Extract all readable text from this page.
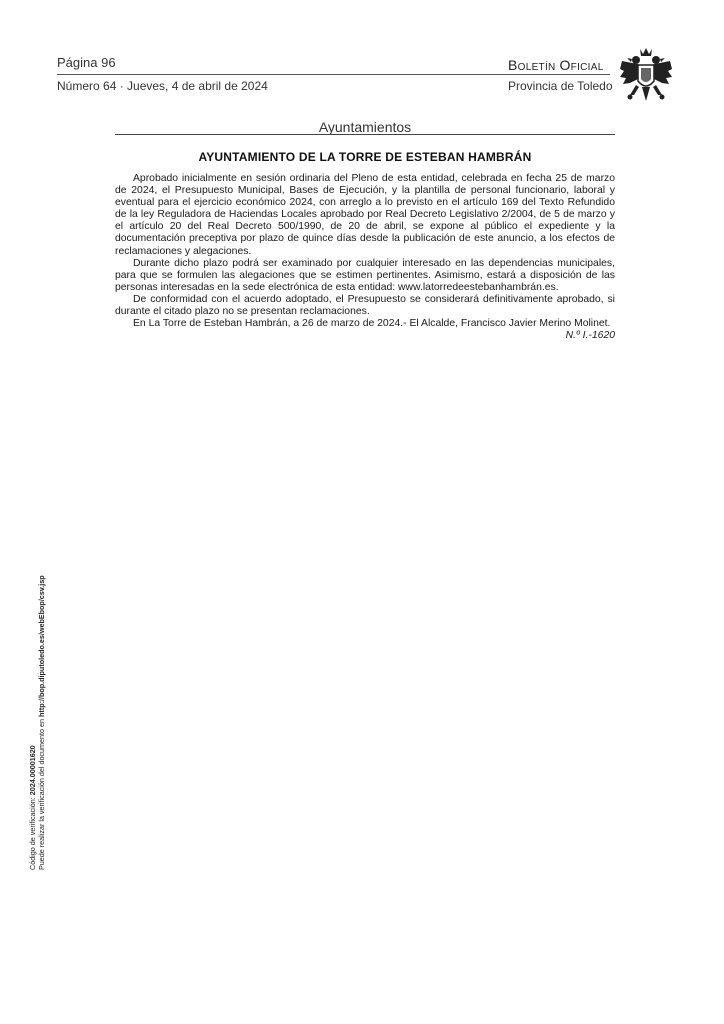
Página 96
Número 64 · Jueves, 4 de abril de 2024
Boletín Oficial
Provincia de Toledo
Ayuntamientos
AYUNTAMIENTO DE LA TORRE DE ESTEBAN HAMBRÁN

Aprobado inicialmente en sesión ordinaria del Pleno de esta entidad, celebrada en fecha 25 de marzo de 2024, el Presupuesto Municipal, Bases de Ejecución, y la plantilla de personal funcionario, laboral y eventual para el ejercicio económico 2024, con arreglo a lo previsto en el artículo 169 del Texto Refundido de la ley Reguladora de Haciendas Locales aprobado por Real Decreto Legislativo 2/2004, de 5 de marzo y el artículo 20 del Real Decreto 500/1990, de 20 de abril, se expone al público el expediente y la documentación preceptiva por plazo de quince días desde la publicación de este anuncio, a los efectos de reclamaciones y alegaciones.

Durante dicho plazo podrá ser examinado por cualquier interesado en las dependencias municipales, para que se formulen las alegaciones que se estimen pertinentes. Asimismo, estará a disposición de las personas interesadas en la sede electrónica de esta entidad: www.latorredeestebanhambrán.es.

De conformidad con el acuerdo adoptado, el Presupuesto se considerará definitivamente aprobado, si durante el citado plazo no se presentan reclamaciones.

En La Torre de Esteban Hambrán, a 26 de marzo de 2024.- El Alcalde, Francisco Javier Merino Molinet.

N.º I.-1620
Código de verificación: 2024.00001620 Puede realizar la verificación del documento en http://bop.diputoledo.es/webEbop/csv.jsp
